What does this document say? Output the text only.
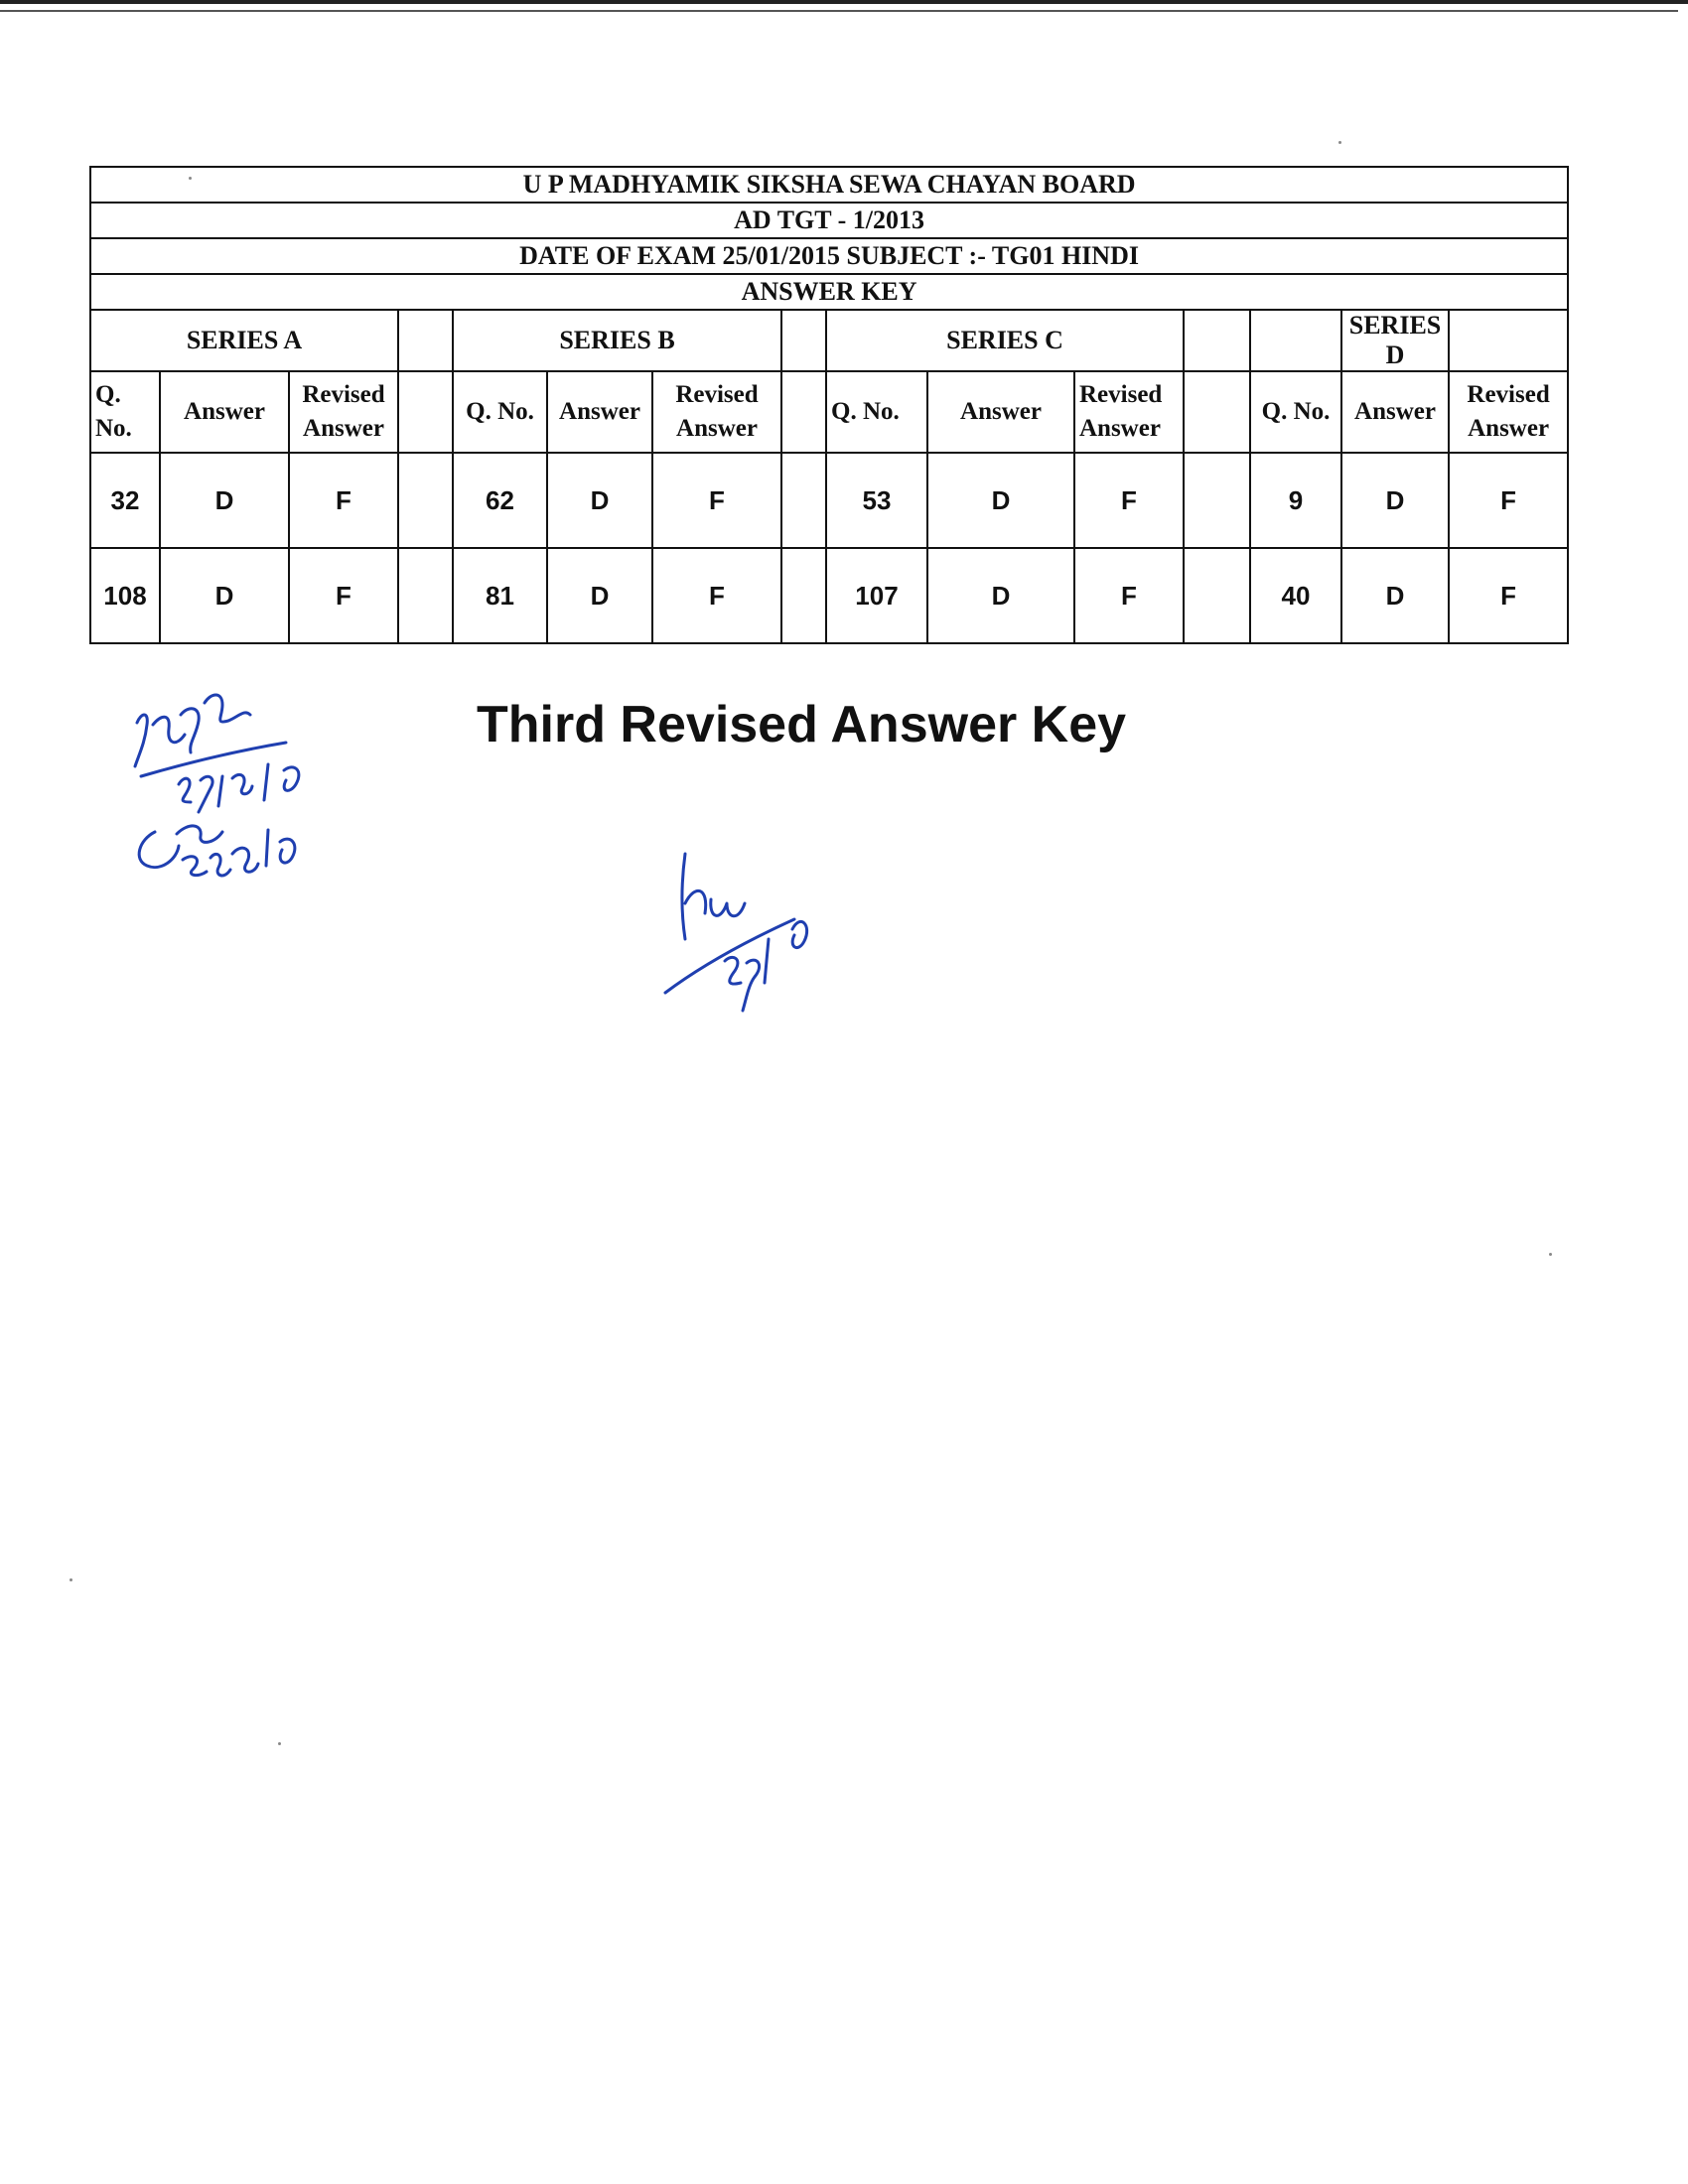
U P MADHYAMIK SIKSHA SEWA CHAYAN BOARD														
AD TGT - 1/2013														
DATE OF EXAM 25/01/2015 SUBJECT :- TG01 HINDI														
ANSWER KEY														
SERIES A				SERIES B				SERIES C					SERIES D	
Q. No.	Answer	Revised Answer		Q. No.	Answer	Revised Answer		Q. No.	Answer	Revised Answer		Q. No.	Answer	Revised Answer
32	D	F		62	D	F		53	D	F		9	D	F
108	D	F		81	D	F		107	D	F		40	D	F
Third Revised Answer Key
